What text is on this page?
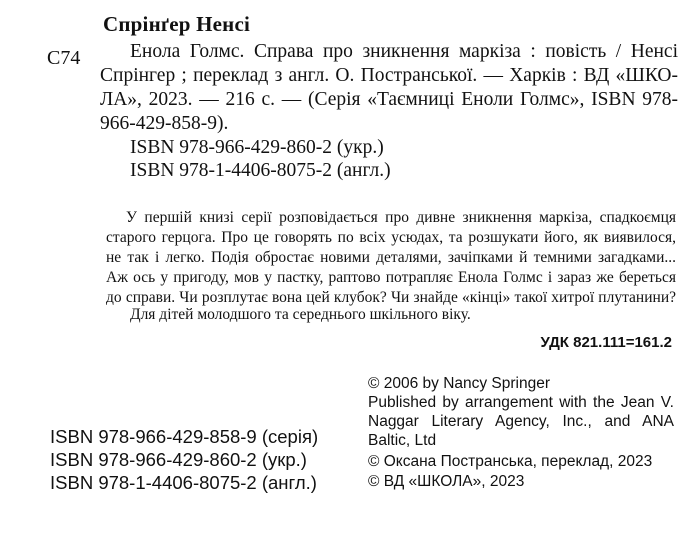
Спрінґер Ненсі
С74	Енола Голмс. Справа про зникнення маркіза : повість / Ненсі
Спрінгер ; переклад з англ. О. Постранської. — Харків : ВД «ШКО-ЛА», 2023. — 216 с. — (Серія «Таємниці Еноли Голмс», ISBN 978-966-429-858-9).
ISBN 978-966-429-860-2 (укр.)
ISBN 978-1-4406-8075-2 (англ.)
У першій книзі серії розповідається про дивне зникнення маркіза, спадкоємця
старого герцога. Про це говорять по всіх усюдах, та розшукати його, як виявилося,
не так і легко. Подія обростає новими деталями, зачіпками й темними загадками...
Аж ось у пригоду, мов у пастку, раптово потрапляє Енола Голмс і зараз же береться
до справи. Чи розплутає вона цей клубок? Чи знайде «кінці» такої хитрої плутанини?
Для дітей молодшого та середнього шкільного віку.
УДК 821.111=161.2
© 2006 by Nancy Springer
Published by arrangement with the Jean V. Naggar Literary Agency, Inc., and ANA Baltic, Ltd
© Оксана Постранська, переклад, 2023
© ВД «ШКОЛА», 2023
ISBN 978-966-429-858-9 (серія)
ISBN 978-966-429-860-2 (укр.)
ISBN 978-1-4406-8075-2 (англ.)
